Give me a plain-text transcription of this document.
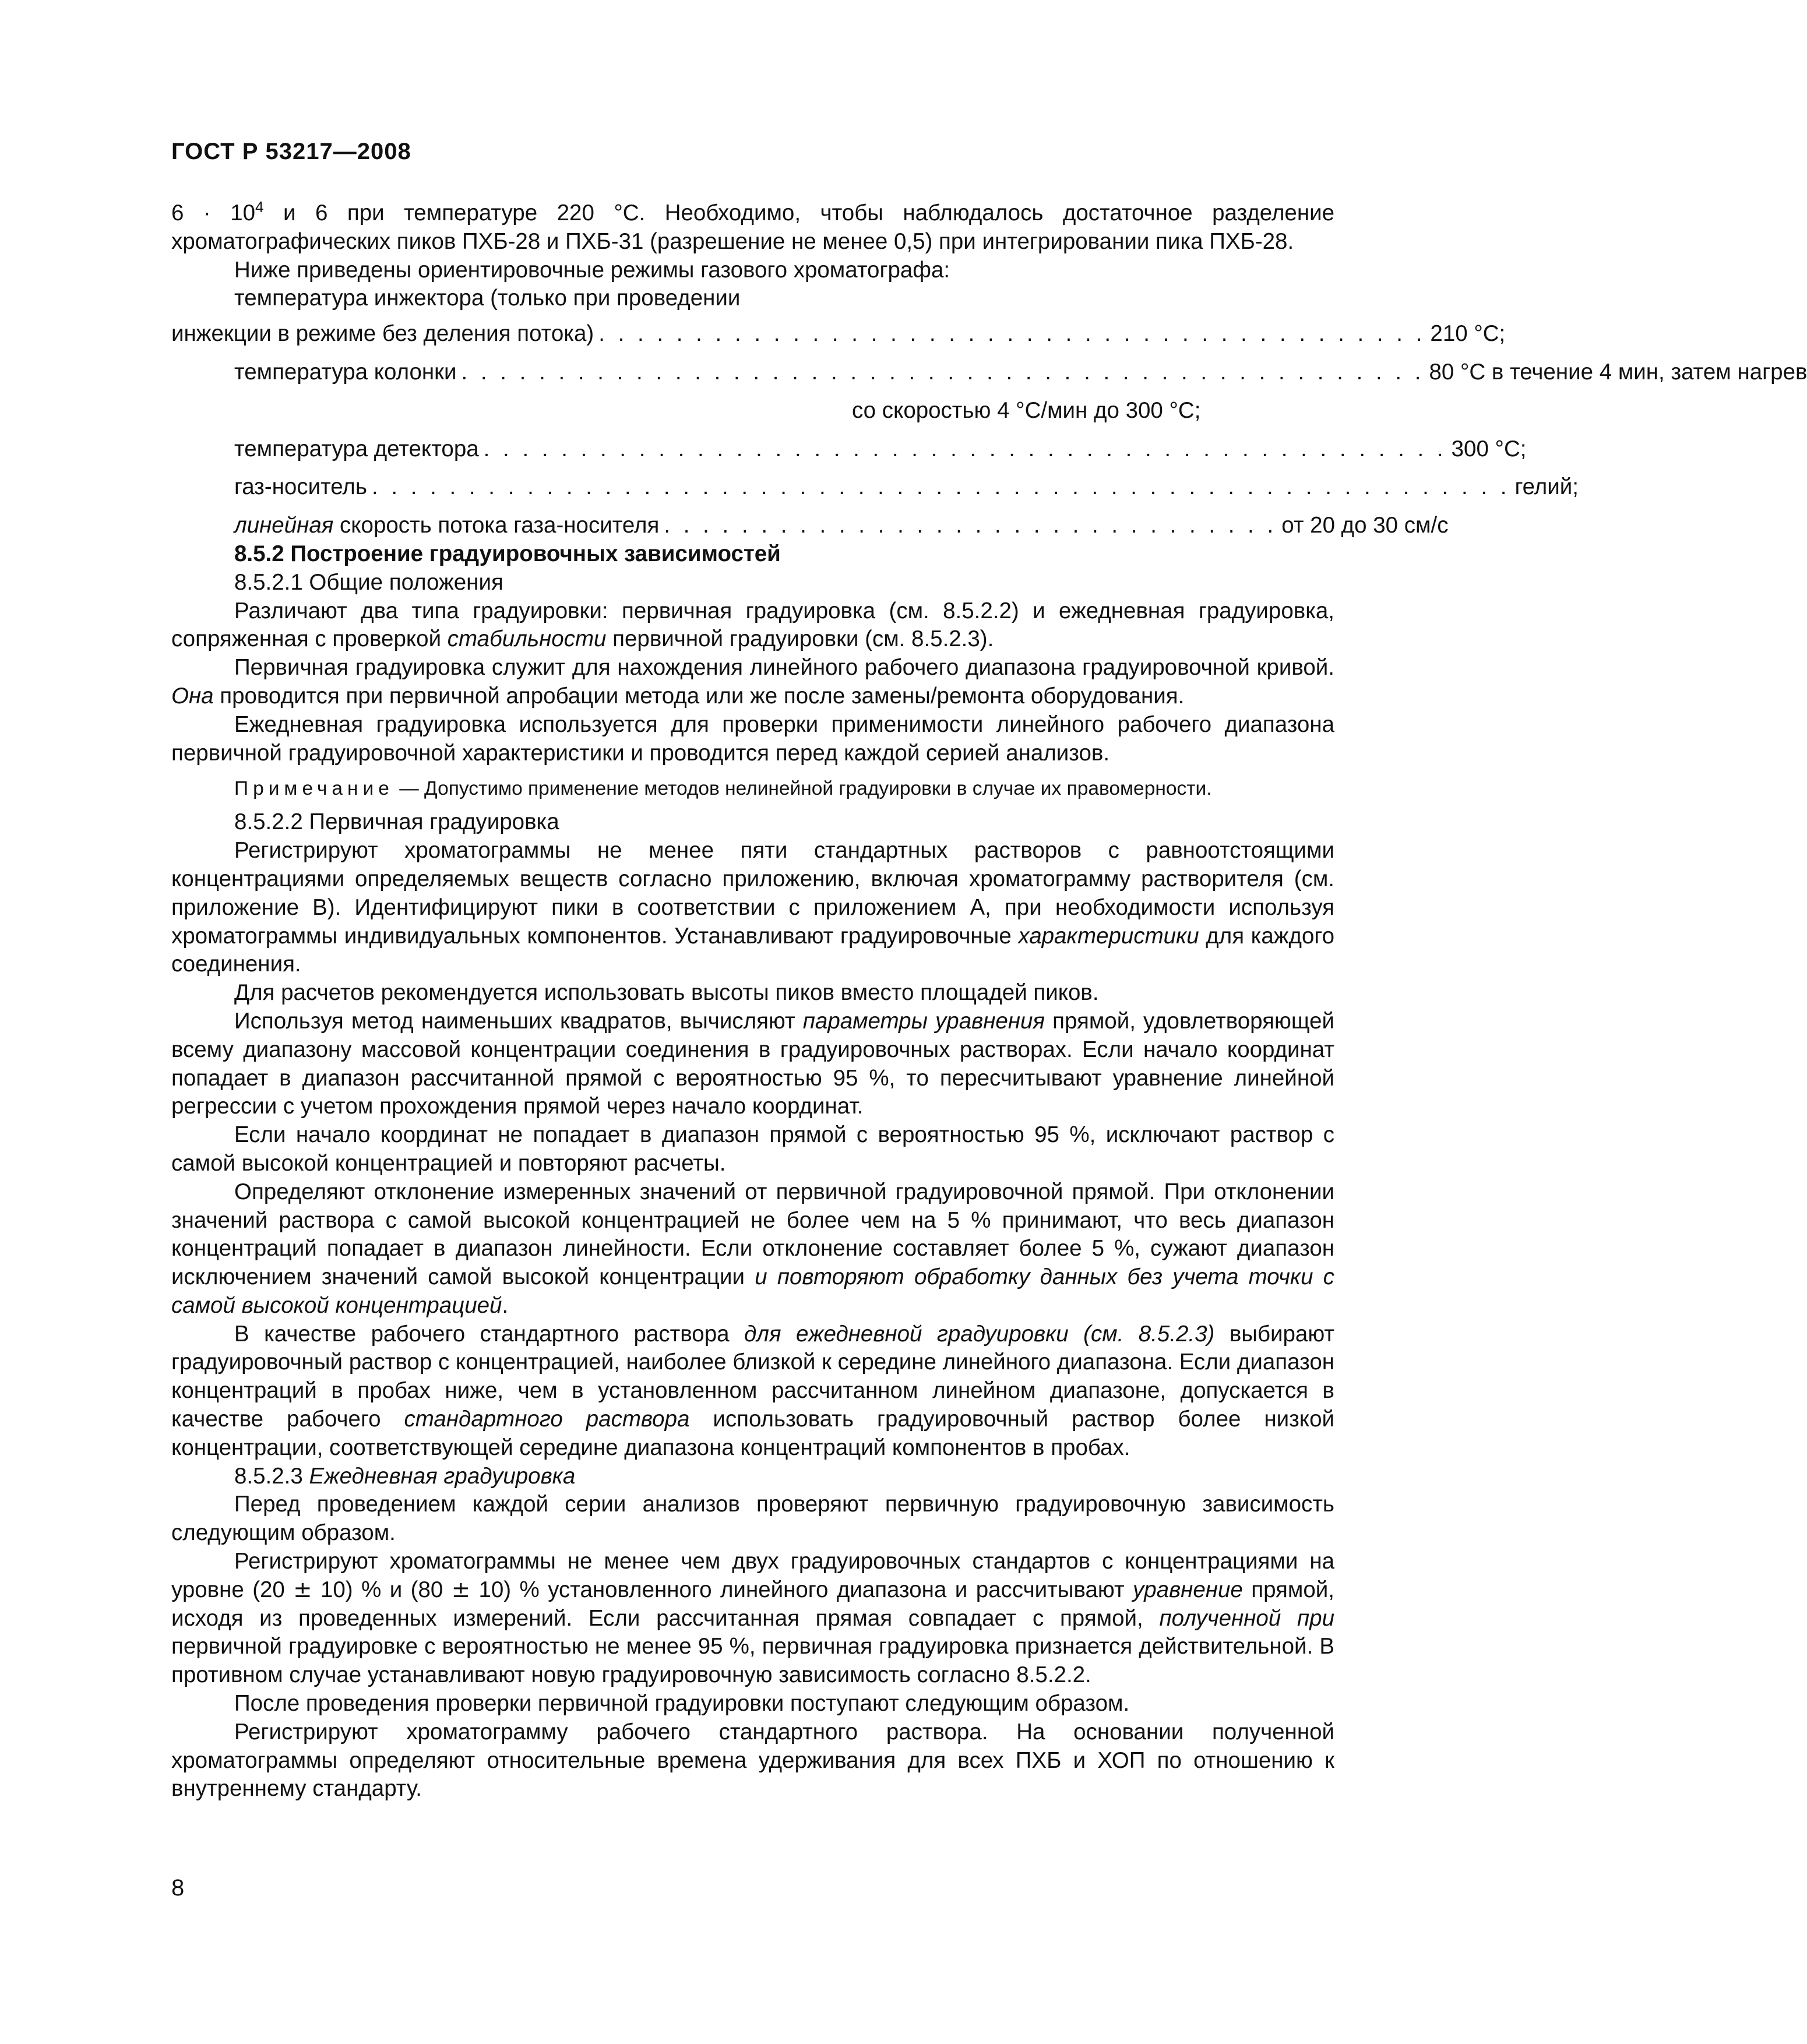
ГОСТ Р 53217—2008

$6 \cdot 10^4$ и 6 при температуре 220 °С. Необходимо, чтобы наблюдалось достаточное разделение хроматографических пиков ПХБ-28 и ПХБ-31 (разрешение не менее 0,5) при интегрировании пика ПХБ-28.

Ниже приведены ориентировочные режимы газового хроматографа:

температура инжектора (только при проведении
инжекции в режиме без деления потока) . . . . . . . . . . . . . . . . . . . . . . . . . . . . . . . . . . . . . . . . . . . 210 °С;
температура колонки . . . . . . . . . . . . . . . . . . . . . . . . . . . . . . . . . . . . . . . . . . . . . . . . . . 80 °С в течение 4 мин, затем нагрев
со скоростью 4 °С/мин до 300 °С;
температура детектора . . . . . . . . . . . . . . . . . . . . . . . . . . . . . . . . . . . . . . . . . . . . . . . . . . 300 °С;
газ-носитель . . . . . . . . . . . . . . . . . . . . . . . . . . . . . . . . . . . . . . . . . . . . . . . . . . . . . . . . . . . гелий;
линейная скорость потока газа-носителя . . . . . . . . . . . . . . . . . . . . . . . . . . . . . . . . от 20 до 30 см/с

8.5.2 Построение градуировочных зависимостей

8.5.2.1 Общие положения

Различают два типа градуировки: первичная градуировка (см. 8.5.2.2) и ежедневная градуировка, сопряженная с проверкой стабильности первичной градуировки (см. 8.5.2.3).

Первичная градуировка служит для нахождения линейного рабочего диапазона градуировочной кривой. Она проводится при первичной апробации метода или же после замены/ремонта оборудования.

Ежедневная градуировка используется для проверки применимости линейного рабочего диапазона первичной градуировочной характеристики и проводится перед каждой серией анализов.

Примечание — Допустимо применение методов нелинейной градуировки в случае их правомерности.

8.5.2.2 Первичная градуировка

Регистрируют хроматограммы не менее пяти стандартных растворов с равноотстоящими концентрациями определяемых веществ согласно приложению, включая хроматограмму растворителя (см. приложение В). Идентифицируют пики в соответствии с приложением А, при необходимости используя хроматограммы индивидуальных компонентов. Устанавливают градуировочные характеристики для каждого соединения.

Для расчетов рекомендуется использовать высоты пиков вместо площадей пиков.

Используя метод наименьших квадратов, вычисляют параметры уравнения прямой, удовлетворяющей всему диапазону массовой концентрации соединения в градуировочных растворах. Если начало координат попадает в диапазон рассчитанной прямой с вероятностью 95 %, то пересчитывают уравнение линейной регрессии с учетом прохождения прямой через начало координат.

Если начало координат не попадает в диапазон прямой с вероятностью 95 %, исключают раствор с самой высокой концентрацией и повторяют расчеты.

Определяют отклонение измеренных значений от первичной градуировочной прямой. При отклонении значений раствора с самой высокой концентрацией не более чем на 5 % принимают, что весь диапазон концентраций попадает в диапазон линейности. Если отклонение составляет более 5 %, сужают диапазон исключением значений самой высокой концентрации и повторяют обработку данных без учета точки с самой высокой концентрацией.

В качестве рабочего стандартного раствора для ежедневной градуировки (см. 8.5.2.3) выбирают градуировочный раствор с концентрацией, наиболее близкой к середине линейного диапазона. Если диапазон концентраций в пробах ниже, чем в установленном рассчитанном линейном диапазоне, допускается в качестве рабочего стандартного раствора использовать градуировочный раствор более низкой концентрации, соответствующей середине диапазона концентраций компонентов в пробах.

8.5.2.3 Ежедневная градуировка

Перед проведением каждой серии анализов проверяют первичную градуировочную зависимость следующим образом.

Регистрируют хроматограммы не менее чем двух градуировочных стандартов с концентрациями на уровне (20 ± 10) % и (80 ± 10) % установленного линейного диапазона и рассчитывают уравнение прямой, исходя из проведенных измерений. Если рассчитанная прямая совпадает с прямой, полученной при первичной градуировке с вероятностью не менее 95 %, первичная градуировка признается действительной. В противном случае устанавливают новую градуировочную зависимость согласно 8.5.2.2.

После проведения проверки первичной градуировки поступают следующим образом.

Регистрируют хроматограмму рабочего стандартного раствора. На основании полученной хроматограммы определяют относительные времена удерживания для всех ПХБ и ХОП по отношению к внутреннему стандарту.

8
